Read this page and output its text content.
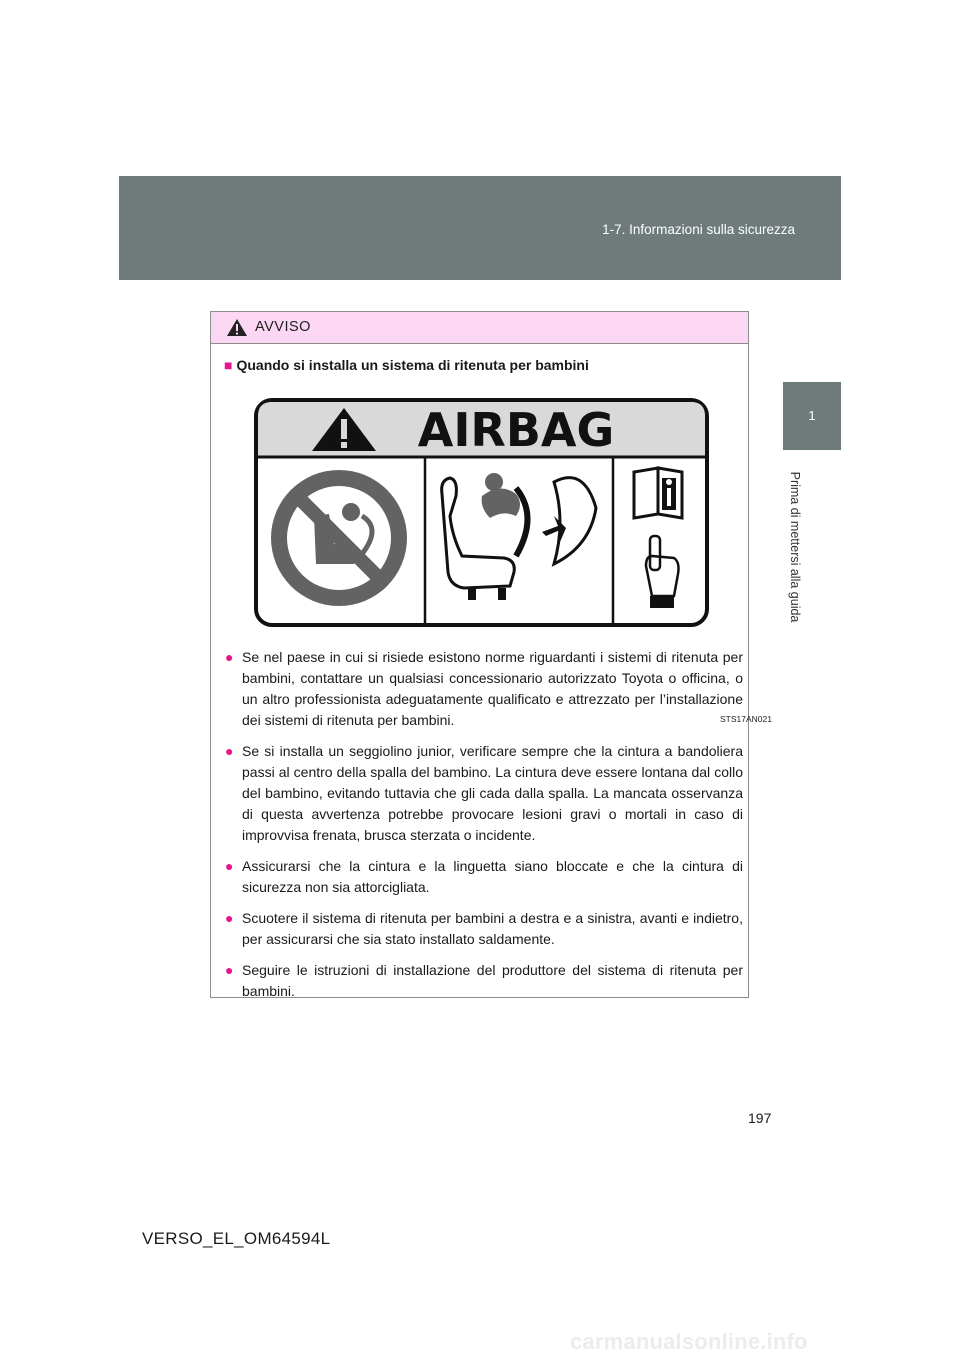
1-7. Informazioni sulla sicurezza
1
Prima di mettersi alla guida
AVVISO
■ Quando si installa un sistema di ritenuta per bambini
AIRBAG
STS17AN021
● Se nel paese in cui si risiede esistono norme riguardanti i sistemi di ritenuta per bambini, contattare un qualsiasi concessionario autorizzato Toyota o officina, o un altro professionista adeguatamente qualificato e attrezzato per l’installazione dei sistemi di ritenuta per bambini.
● Se si installa un seggiolino junior, verificare sempre che la cintura a bandoliera passi al centro della spalla del bambino. La cintura deve essere lontana dal collo del bambino, evitando tuttavia che gli cada dalla spalla. La mancata osservanza di questa avvertenza potrebbe provocare lesioni gravi o mortali in caso di improvvisa frenata, brusca sterzata o incidente.
● Assicurarsi che la cintura e la linguetta siano bloccate e che la cintura di sicurezza non sia attorcigliata.
● Scuotere il sistema di ritenuta per bambini a destra e a sinistra, avanti e indietro, per assicurarsi che sia stato installato saldamente.
● Seguire le istruzioni di installazione del produttore del sistema di ritenuta per bambini.
197
VERSO_EL_OM64594L
carmanualsonline.info
